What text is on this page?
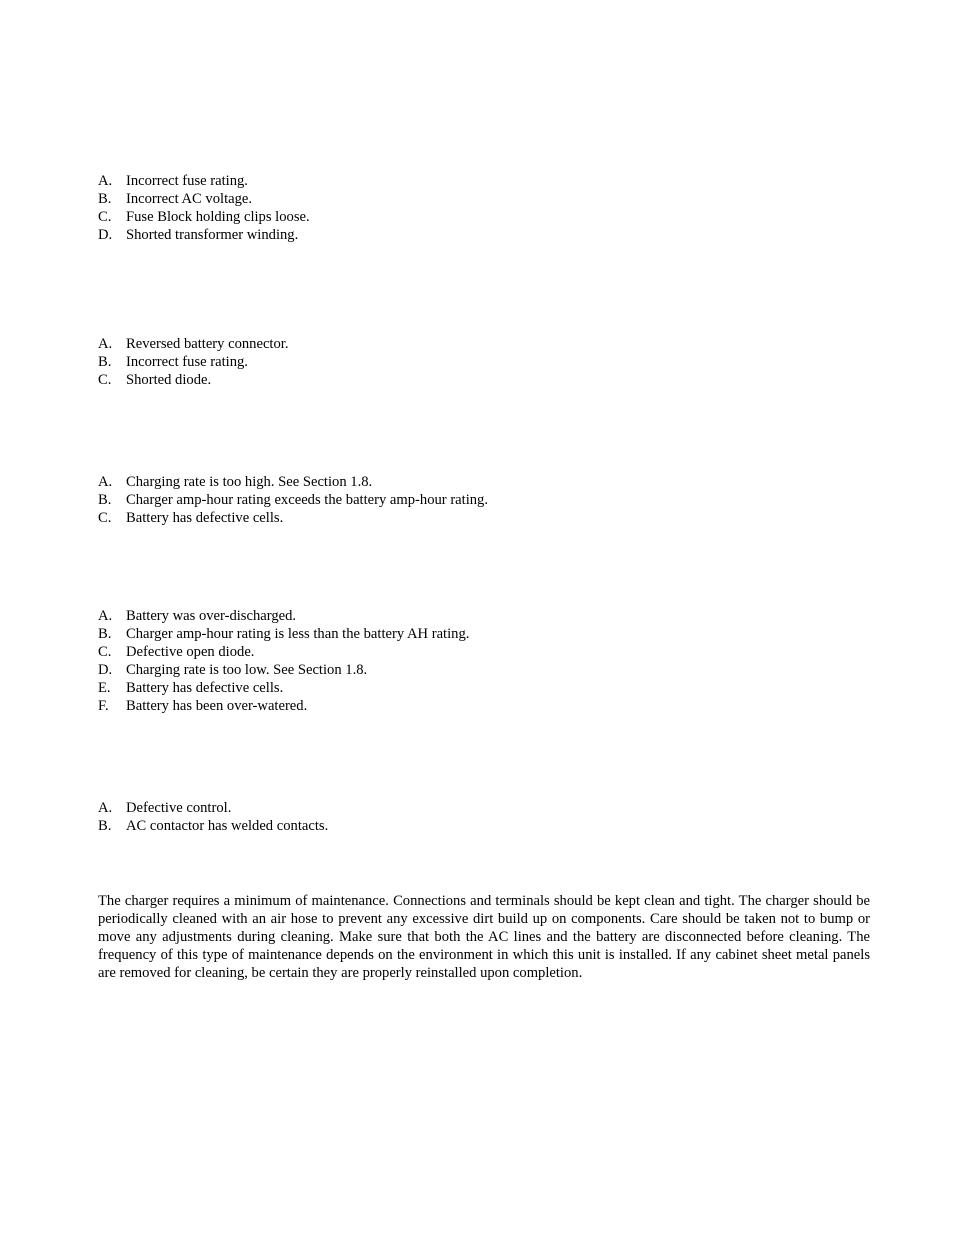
A. Incorrect fuse rating.
B. Incorrect AC voltage.
C. Fuse Block holding clips loose.
D. Shorted transformer winding.
A. Reversed battery connector.
B. Incorrect fuse rating.
C. Shorted diode.
A. Charging rate is too high. See Section 1.8.
B. Charger amp-hour rating exceeds the battery amp-hour rating.
C. Battery has defective cells.
A. Battery was over-discharged.
B. Charger amp-hour rating is less than the battery AH rating.
C. Defective open diode.
D. Charging rate is too low. See Section 1.8.
E. Battery has defective cells.
F. Battery has been over-watered.
A. Defective control.
B. AC contactor has welded contacts.

The charger requires a minimum of maintenance. Connections and terminals should be kept clean and tight. The charger should be periodically cleaned with an air hose to prevent any excessive dirt build up on components. Care should be taken not to bump or move any adjustments during cleaning. Make sure that both the AC lines and the battery are disconnected before cleaning. The frequency of this type of maintenance depends on the environment in which this unit is installed. If any cabinet sheet metal panels are removed for cleaning, be certain they are properly reinstalled upon completion.
